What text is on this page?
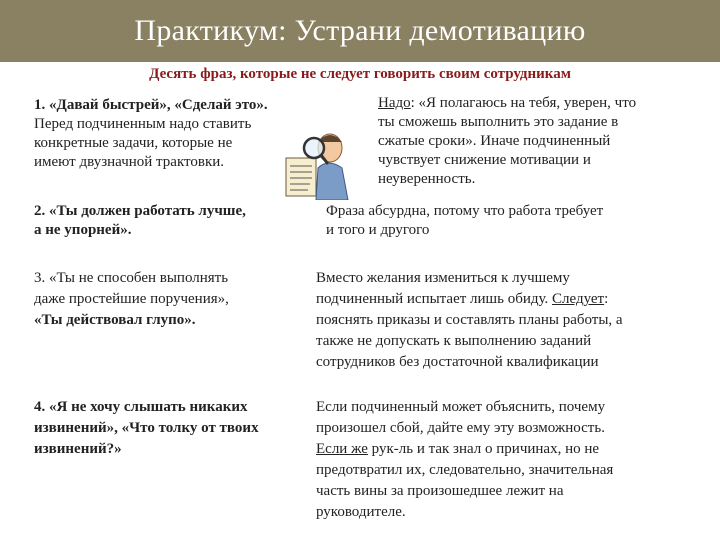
Практикум: Устрани демотивацию
Десять фраз, которые не следует говорить своим сотрудникам
1. «Давай быстрей», «Сделай это».
Перед подчиненным надо ставить
конкретные задачи, которые не
имеют двузначной трактовки.
Надо: «Я полагаюсь на тебя, уверен, что
ты сможешь выполнить это задание в
сжатые сроки». Иначе подчиненный
чувствует снижение мотивации и
неуверенность.
2. «Ты должен работать лучше,
а не упорней».
Фраза абсурдна, потому что работа требует
и того и другого
3. «Ты не способен выполнять
даже простейшие поручения»,
«Ты действовал глупо».
Вместо желания измениться к лучшему
подчиненный испытает лишь обиду. Следует:
пояснять приказы и составлять планы работы, а
также не допускать к выполнению заданий
сотрудников без достаточной квалификации
4. «Я не хочу слышать никаких
извинений», «Что толку от твоих
извинений?»
Если подчиненный может объяснить, почему
произошел сбой, дайте ему эту возможность.
Если же рук-ль и так знал о причинах, но не
предотвратил их, следовательно, значительная
часть вины за произошедшее лежит на
руководителе.
